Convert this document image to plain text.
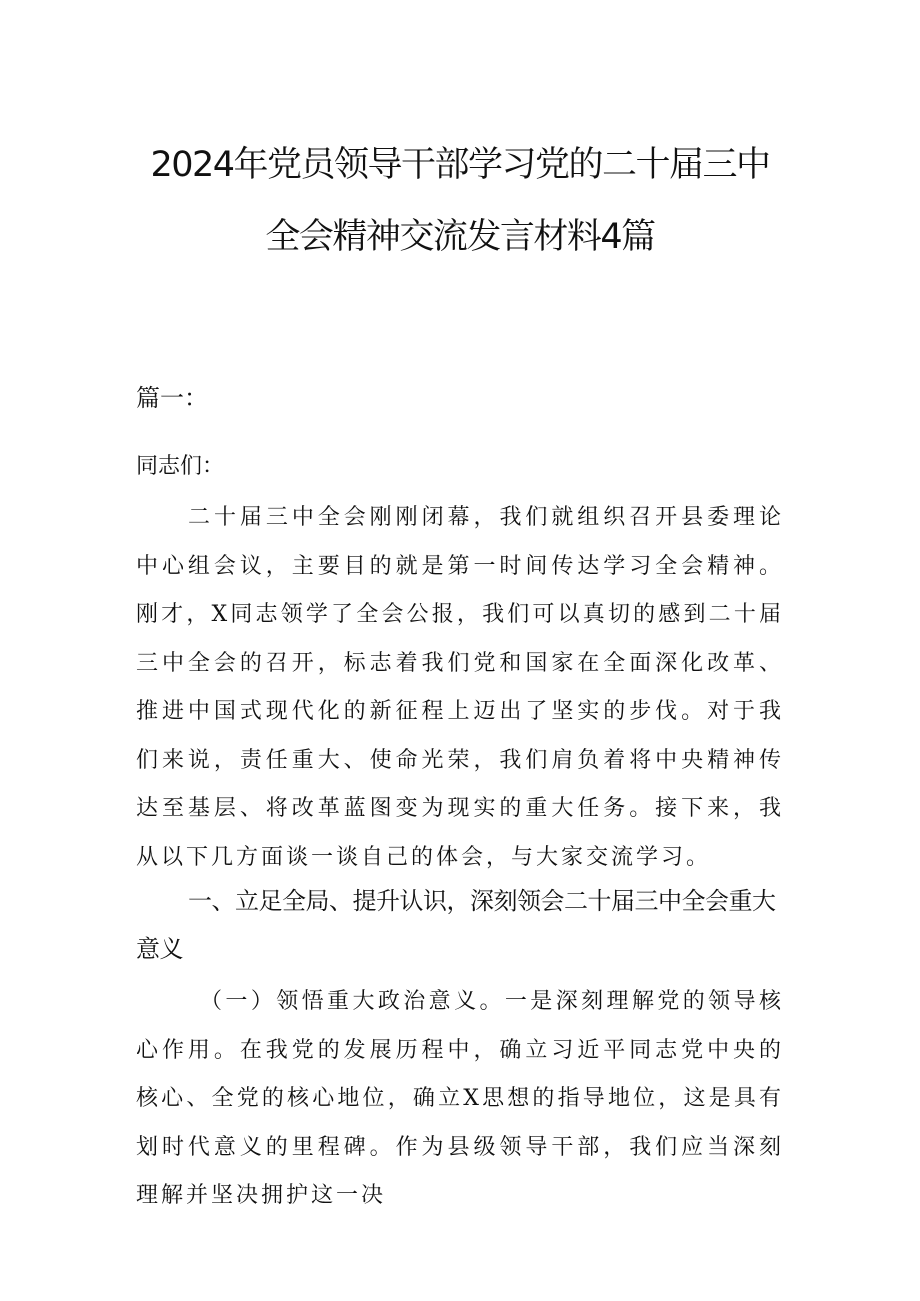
2024年党员领导干部学习党的二十届三中
全会精神交流发言材料4篇
篇一：
同志们：

二十届三中全会刚刚闭幕，我们就组织召开县委理论中心组会议，主要目的就是第一时间传达学习全会精神。刚才，X同志领学了全会公报，我们可以真切的感到二十届三中全会的召开，标志着我们党和国家在全面深化改革、推进中国式现代化的新征程上迈出了坚实的步伐。对于我们来说，责任重大、使命光荣，我们肩负着将中央精神传达至基层、将改革蓝图变为现实的重大任务。接下来，我从以下几方面谈一谈自己的体会，与大家交流学习。

一、立足全局、提升认识，深刻领会二十届三中全会重大意义

（一）领悟重大政治意义。一是深刻理解党的领导核心作用。在我党的发展历程中，确立习近平同志党中央的核心、全党的核心地位，确立X思想的指导地位，这是具有划时代意义的里程碑。作为县级领导干部，我们应当深刻理解并坚决拥护这一决
